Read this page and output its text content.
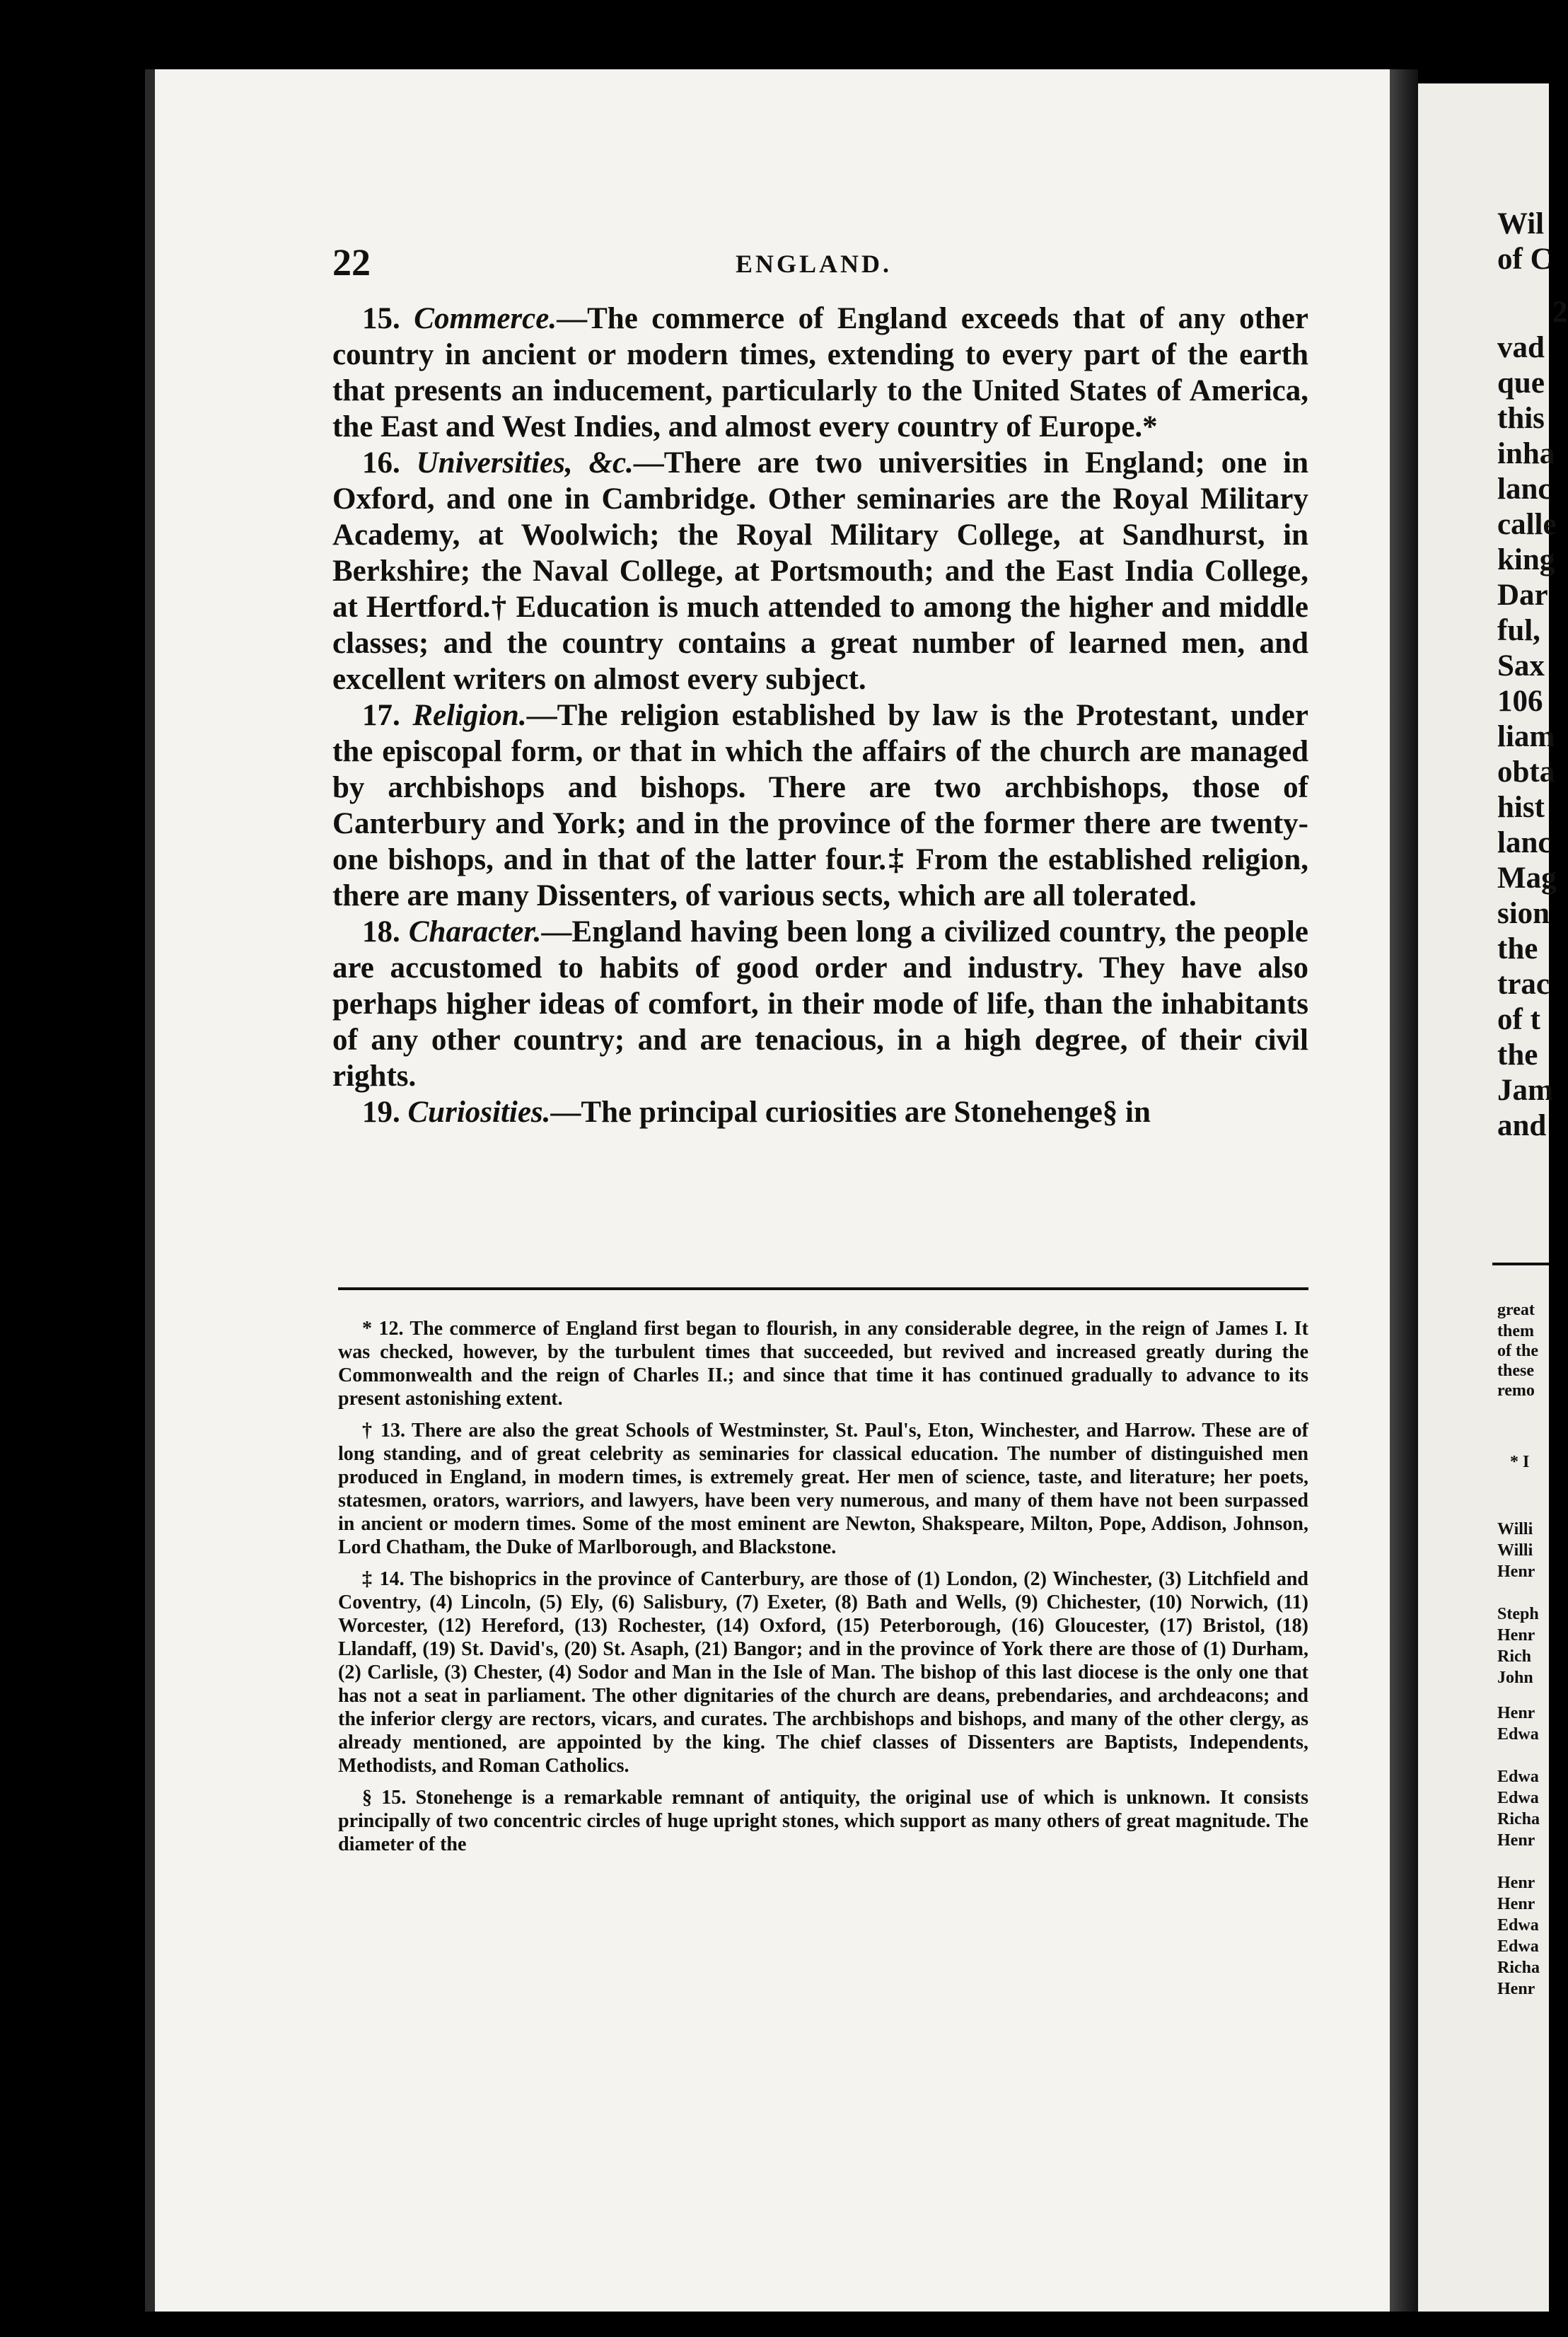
22	ENGLAND.

15. Commerce.—The commerce of England exceeds that of any other country in ancient or modern times, extending to every part of the earth that presents an inducement, particularly to the United States of America, the East and West Indies, and almost every country of Europe.*

16. Universities, &c.—There are two universities in England; one in Oxford, and one in Cambridge. Other seminaries are the Royal Military Academy, at Woolwich; the Royal Military College, at Sandhurst, in Berkshire; the Naval College, at Portsmouth; and the East India College, at Hertford.† Education is much attended to among the higher and middle classes; and the country contains a great number of learned men, and excellent writers on almost every subject.

17. Religion.—The religion established by law is the Protestant, under the episcopal form, or that in which the affairs of the church are managed by archbishops and bishops. There are two archbishops, those of Canterbury and York; and in the province of the former there are twenty-one bishops, and in that of the latter four.‡ From the established religion, there are many Dissenters, of various sects, which are all tolerated.

18. Character.—England having been long a civilized country, the people are accustomed to habits of good order and industry. They have also perhaps higher ideas of comfort, in their mode of life, than the inhabitants of any other country; and are tenacious, in a high degree, of their civil rights.

19. Curiosities.—The principal curiosities are Stonehenge§ in

* 12. The commerce of England first began to flourish, in any considerable degree, in the reign of James I. It was checked, however, by the turbulent times that succeeded, but revived and increased greatly during the Commonwealth and the reign of Charles II.; and since that time it has continued gradually to advance to its present astonishing extent.

† 13. There are also the great Schools of Westminster, St. Paul's, Eton, Winchester, and Harrow. These are of long standing, and of great celebrity as seminaries for classical education. The number of distinguished men produced in England, in modern times, is extremely great. Her men of science, taste, and literature; her poets, statesmen, orators, warriors, and lawyers, have been very numerous, and many of them have not been surpassed in ancient or modern times. Some of the most eminent are Newton, Shakspeare, Milton, Pope, Addison, Johnson, Lord Chatham, the Duke of Marlborough, and Blackstone.

‡ 14. The bishoprics in the province of Canterbury, are those of (1) London, (2) Winchester, (3) Litchfield and Coventry, (4) Lincoln, (5) Ely, (6) Salisbury, (7) Exeter, (8) Bath and Wells, (9) Chichester, (10) Norwich, (11) Worcester, (12) Hereford, (13) Rochester, (14) Oxford, (15) Peterborough, (16) Gloucester, (17) Bristol, (18) Llandaff, (19) St. David's, (20) St. Asaph, (21) Bangor; and in the province of York there are those of (1) Durham, (2) Carlisle, (3) Chester, (4) Sodor and Man in the Isle of Man. The bishop of this last diocese is the only one that has not a seat in parliament. The other dignitaries of the church are deans, prebendaries, and archdeacons; and the inferior clergy are rectors, vicars, and curates. The archbishops and bishops, and many of the other clergy, as already mentioned, are appointed by the king. The chief classes of Dissenters are Baptists, Independents, Methodists, and Roman Catholics.

§ 15. Stonehenge is a remarkable remnant of antiquity, the original use of which is unknown. It consists principally of two concentric circles of huge upright stones, which support as many others of great magnitude. The diameter of the

Wil
of C
2
vad
que
this
inha
lanc
calle
king
Dar
ful,
Sax
106
liam
obta
hist
lanc
Mag
sion
the
trac
of t
the
Jam
and
great
them
of the
these
remo
* I
Willi
Willi
Henr
Steph
Henr
Rich
John
Henr
Edwa
Edwa
Edwa
Richa
Henr
Henr
Henr
Edwa
Edwa
Richa
Henr
